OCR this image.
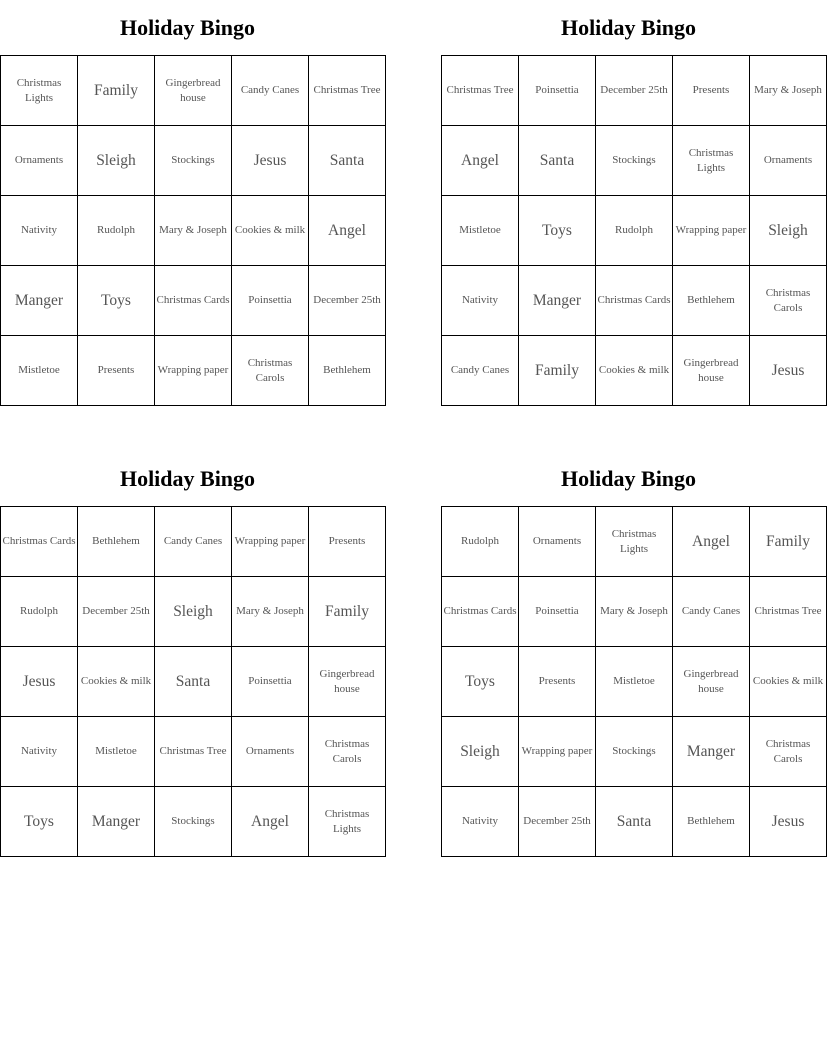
Holiday Bingo
Christmas Lights	Family	Gingerbread house	Candy Canes	Christmas Tree
Ornaments	Sleigh	Stockings	Jesus	Santa
Nativity	Rudolph	Mary & Joseph	Cookies & milk	Angel
Manger	Toys	Christmas Cards	Poinsettia	December 25th
Mistletoe	Presents	Wrapping paper	Christmas Carols	Bethlehem
Holiday Bingo
Christmas Tree	Poinsettia	December 25th	Presents	Mary & Joseph
Angel	Santa	Stockings	Christmas Lights	Ornaments
Mistletoe	Toys	Rudolph	Wrapping paper	Sleigh
Nativity	Manger	Christmas Cards	Bethlehem	Christmas Carols
Candy Canes	Family	Cookies & milk	Gingerbread house	Jesus
Holiday Bingo
Christmas Cards	Bethlehem	Candy Canes	Wrapping paper	Presents
Rudolph	December 25th	Sleigh	Mary & Joseph	Family
Jesus	Cookies & milk	Santa	Poinsettia	Gingerbread house
Nativity	Mistletoe	Christmas Tree	Ornaments	Christmas Carols
Toys	Manger	Stockings	Angel	Christmas Lights
Holiday Bingo
Rudolph	Ornaments	Christmas Lights	Angel	Family
Christmas Cards	Poinsettia	Mary & Joseph	Candy Canes	Christmas Tree
Toys	Presents	Mistletoe	Gingerbread house	Cookies & milk
Sleigh	Wrapping paper	Stockings	Manger	Christmas Carols
Nativity	December 25th	Santa	Bethlehem	Jesus
